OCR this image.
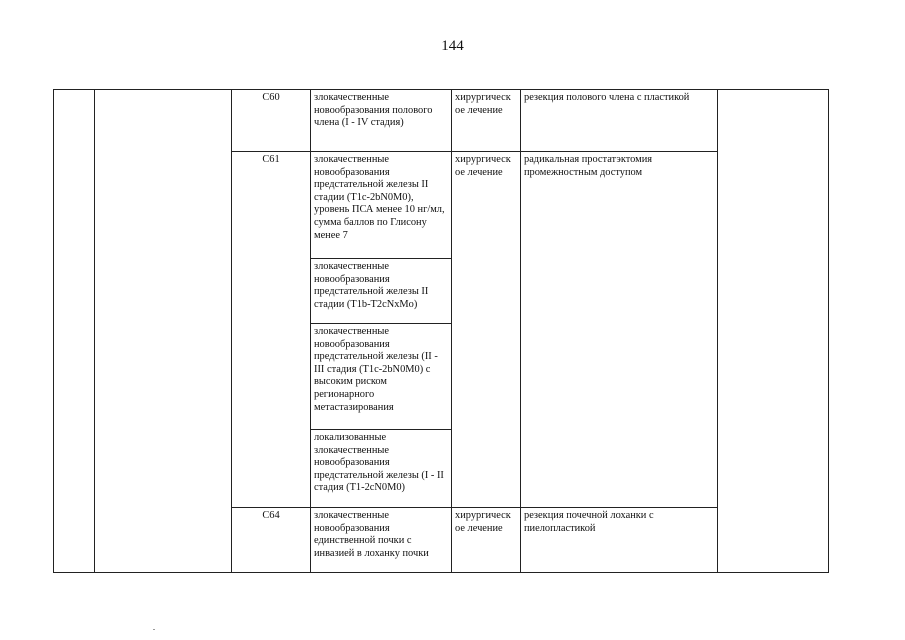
144
		C60	злокачественные новообразования полового члена (I - IV стадия)	хирургическ ое лечение	резекция полового члена с пластикой	
		C61	злокачественные новообразования предстательной железы II стадии (T1c-2bN0M0), уровень ПСА менее 10 нг/мл, сумма баллов по Глисону менее 7	хирургическ ое лечение	радикальная простатэктомия промежностным доступом	
			злокачественные новообразования предстательной железы II стадии (T1b-T2cNxMo)			
			злокачественные новообразования предстательной железы (II - III стадия (T1c-2bN0M0) с высоким риском регионарного метастазирования			
			локализованные злокачественные новообразования предстательной железы (I - II стадия (T1-2cN0M0)			
		C64	злокачественные новообразования единственной почки с инвазией в лоханку почки	хирургическ ое лечение	резекция почечной лоханки с пиелопластикой	
